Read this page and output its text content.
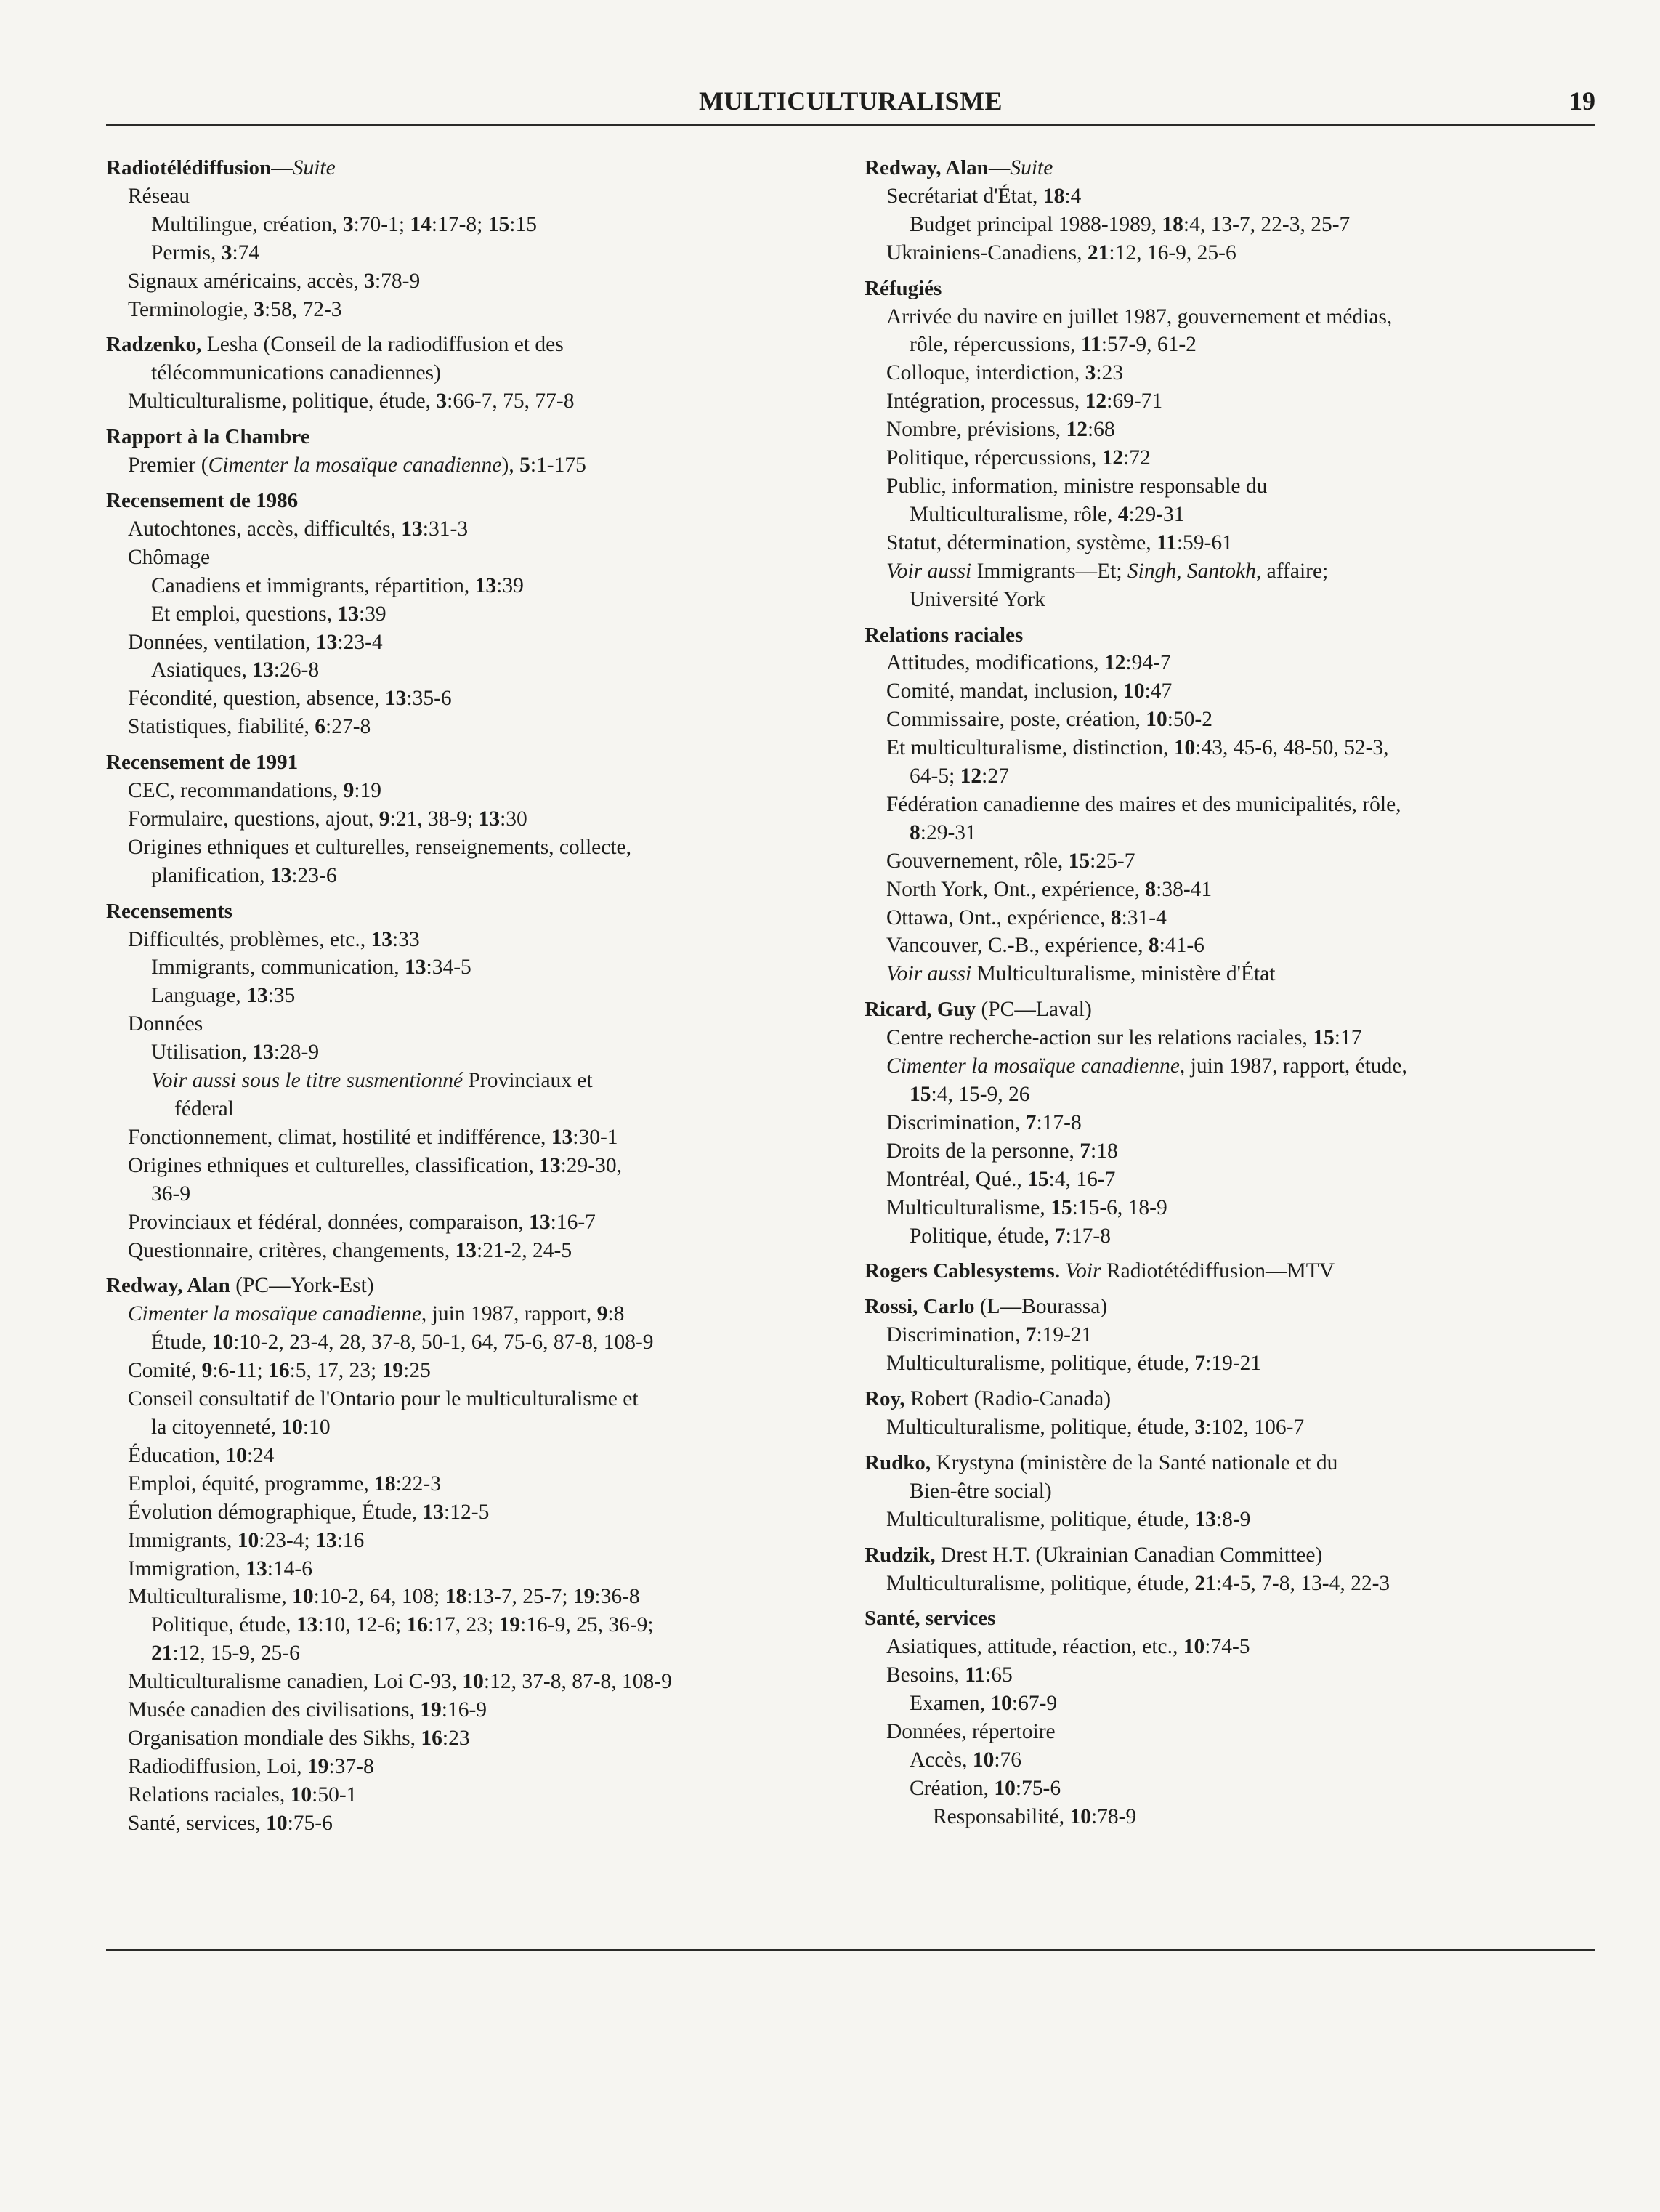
MULTICULTURALISME	19
Radiotélédiffusion—Suite
Réseau
Multilingue, création, 3:70-1; 14:17-8; 15:15
Permis, 3:74
Signaux américains, accès, 3:78-9
Terminologie, 3:58, 72-3
Radzenko, Lesha (Conseil de la radiodiffusion et des
télécommunications canadiennes)
Multiculturalisme, politique, étude, 3:66-7, 75, 77-8
Rapport à la Chambre
Premier (Cimenter la mosaïque canadienne), 5:1-175
Recensement de 1986
Autochtones, accès, difficultés, 13:31-3
Chômage
Canadiens et immigrants, répartition, 13:39
Et emploi, questions, 13:39
Données, ventilation, 13:23-4
Asiatiques, 13:26-8
Fécondité, question, absence, 13:35-6
Statistiques, fiabilité, 6:27-8
Recensement de 1991
CEC, recommandations, 9:19
Formulaire, questions, ajout, 9:21, 38-9; 13:30
Origines ethniques et culturelles, renseignements, collecte,
planification, 13:23-6
Recensements
Difficultés, problèmes, etc., 13:33
Immigrants, communication, 13:34-5
Language, 13:35
Données
Utilisation, 13:28-9
Voir aussi sous le titre susmentionné Provinciaux et
féderal
Fonctionnement, climat, hostilité et indifférence, 13:30-1
Origines ethniques et culturelles, classification, 13:29-30,
36-9
Provinciaux et fédéral, données, comparaison, 13:16-7
Questionnaire, critères, changements, 13:21-2, 24-5
Redway, Alan (PC—York-Est)
Cimenter la mosaïque canadienne, juin 1987, rapport, 9:8
Étude, 10:10-2, 23-4, 28, 37-8, 50-1, 64, 75-6, 87-8, 108-9
Comité, 9:6-11; 16:5, 17, 23; 19:25
Conseil consultatif de l'Ontario pour le multiculturalisme et
la citoyenneté, 10:10
Éducation, 10:24
Emploi, équité, programme, 18:22-3
Évolution démographique, Étude, 13:12-5
Immigrants, 10:23-4; 13:16
Immigration, 13:14-6
Multiculturalisme, 10:10-2, 64, 108; 18:13-7, 25-7; 19:36-8
Politique, étude, 13:10, 12-6; 16:17, 23; 19:16-9, 25, 36-9;
21:12, 15-9, 25-6
Multiculturalisme canadien, Loi C-93, 10:12, 37-8, 87-8, 108-9
Musée canadien des civilisations, 19:16-9
Organisation mondiale des Sikhs, 16:23
Radiodiffusion, Loi, 19:37-8
Relations raciales, 10:50-1
Santé, services, 10:75-6
Redway, Alan—Suite
Secrétariat d'État, 18:4
Budget principal 1988-1989, 18:4, 13-7, 22-3, 25-7
Ukrainiens-Canadiens, 21:12, 16-9, 25-6
Réfugiés
Arrivée du navire en juillet 1987, gouvernement et médias,
rôle, répercussions, 11:57-9, 61-2
Colloque, interdiction, 3:23
Intégration, processus, 12:69-71
Nombre, prévisions, 12:68
Politique, répercussions, 12:72
Public, information, ministre responsable du
Multiculturalisme, rôle, 4:29-31
Statut, détermination, système, 11:59-61
Voir aussi Immigrants—Et; Singh, Santokh, affaire;
Université York
Relations raciales
Attitudes, modifications, 12:94-7
Comité, mandat, inclusion, 10:47
Commissaire, poste, création, 10:50-2
Et multiculturalisme, distinction, 10:43, 45-6, 48-50, 52-3,
64-5; 12:27
Fédération canadienne des maires et des municipalités, rôle,
8:29-31
Gouvernement, rôle, 15:25-7
North York, Ont., expérience, 8:38-41
Ottawa, Ont., expérience, 8:31-4
Vancouver, C.-B., expérience, 8:41-6
Voir aussi Multiculturalisme, ministère d'État
Ricard, Guy (PC—Laval)
Centre recherche-action sur les relations raciales, 15:17
Cimenter la mosaïque canadienne, juin 1987, rapport, étude,
15:4, 15-9, 26
Discrimination, 7:17-8
Droits de la personne, 7:18
Montréal, Qué., 15:4, 16-7
Multiculturalisme, 15:15-6, 18-9
Politique, étude, 7:17-8
Rogers Cablesystems. Voir Radiotétédiffusion—MTV
Rossi, Carlo (L—Bourassa)
Discrimination, 7:19-21
Multiculturalisme, politique, étude, 7:19-21
Roy, Robert (Radio-Canada)
Multiculturalisme, politique, étude, 3:102, 106-7
Rudko, Krystyna (ministère de la Santé nationale et du
Bien-être social)
Multiculturalisme, politique, étude, 13:8-9
Rudzik, Drest H.T. (Ukrainian Canadian Committee)
Multiculturalisme, politique, étude, 21:4-5, 7-8, 13-4, 22-3
Santé, services
Asiatiques, attitude, réaction, etc., 10:74-5
Besoins, 11:65
Examen, 10:67-9
Données, répertoire
Accès, 10:76
Création, 10:75-6
Responsabilité, 10:78-9
